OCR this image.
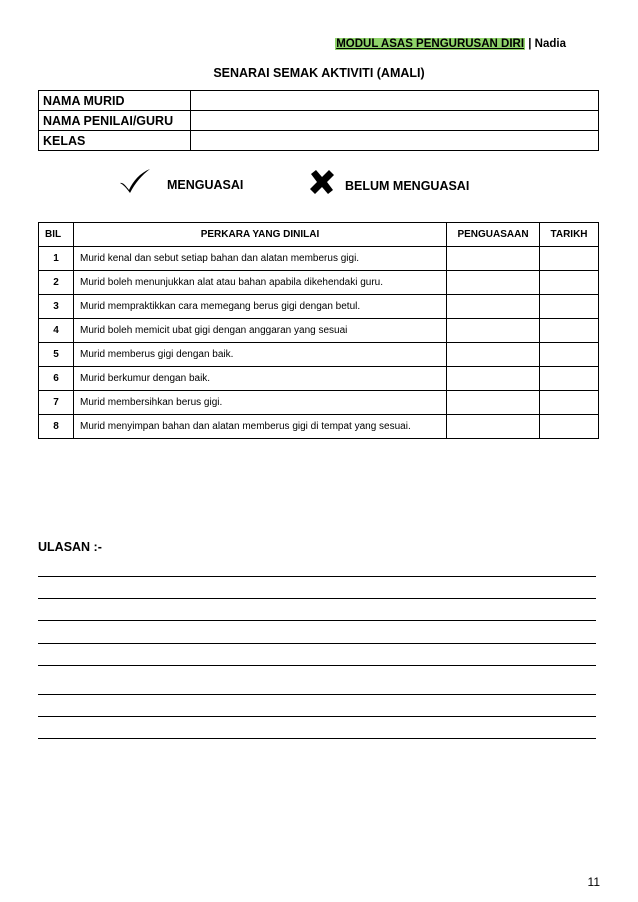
MODUL ASAS PENGURUSAN DIRI | Nadia
SENARAI SEMAK AKTIVITI (AMALI)
NAMA MURID	
NAMA PENILAI/GURU	
KELAS	
MENGUASAI	BELUM MENGUASAI
BIL	PERKARA YANG DINILAI	PENGUASAAN	TARIKH
1	Murid kenal dan sebut setiap bahan dan alatan memberus gigi.		
2	Murid boleh menunjukkan alat atau bahan apabila dikehendaki guru.		
3	Murid mempraktikkan cara memegang berus gigi dengan betul.		
4	Murid boleh memicit ubat gigi dengan anggaran yang sesuai		
5	Murid memberus gigi dengan baik.		
6	Murid berkumur dengan baik.		
7	Murid membersihkan berus gigi.		
8	Murid menyimpan bahan dan alatan memberus gigi di tempat yang sesuai.		
ULASAN :-
11
